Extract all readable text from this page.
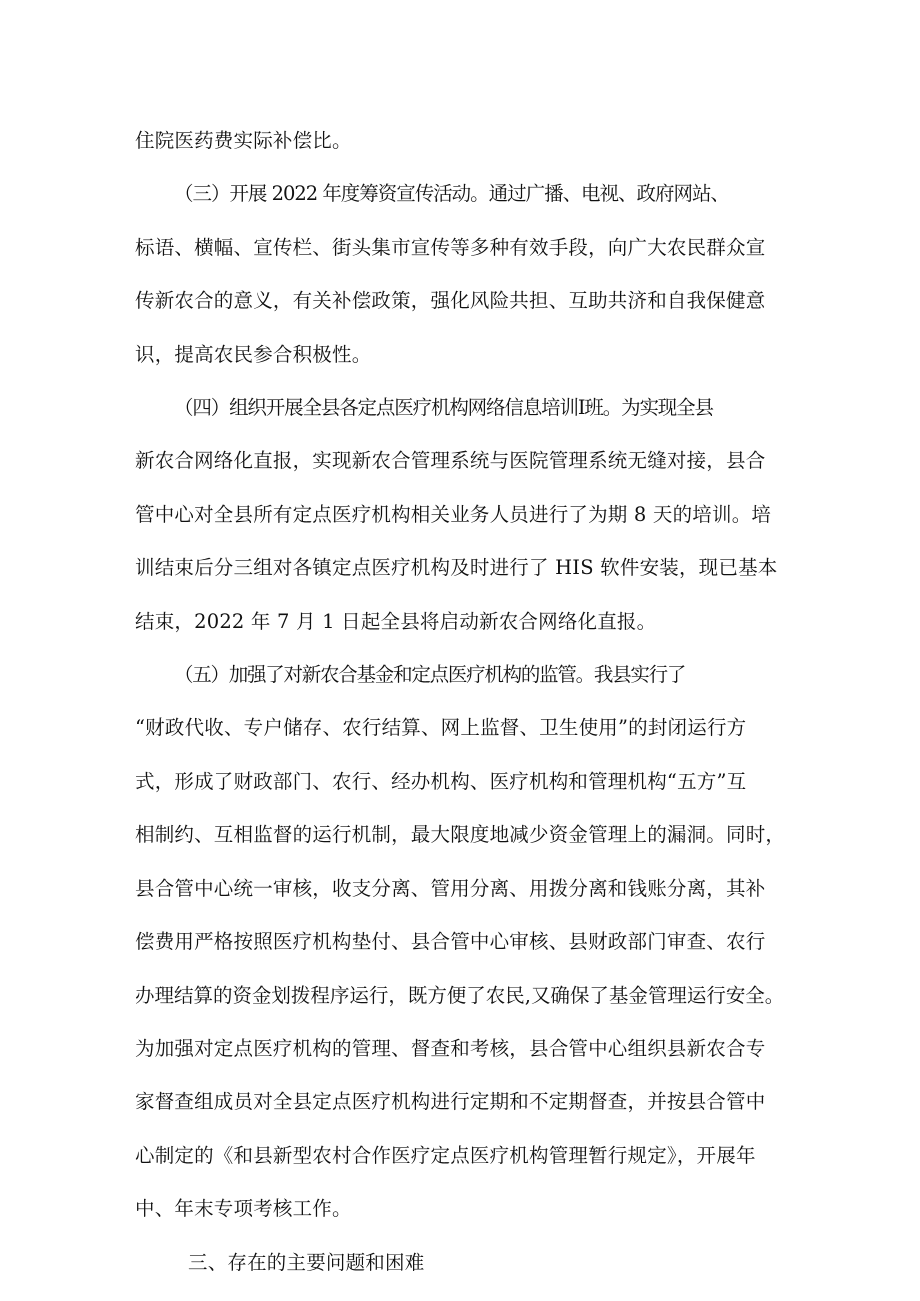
住院医药费实际补偿比。
（三）开展 2022 年度筹资宣传活动。通过广播、电视、政府网站、
标语、横幅、宣传栏、街头集市宣传等多种有效手段，向广大农民群众宣
传新农合的意义，有关补偿政策，强化风险共担、互助共济和自我保健意
识，提高农民参合积极性。
（四）组织开展全县各定点医疗机构网络信息培训Ⅰ班。为实现全县
新农合网络化直报，实现新农合管理系统与医院管理系统无缝对接，县合
管中心对全县所有定点医疗机构相关业务人员进行了为期 8 天的培训。培
训结束后分三组对各镇定点医疗机构及时进行了 HIS 软件安装，现已基本
结束，2022 年 7 月 1 日起全县将启动新农合网络化直报。
（五）加强了对新农合基金和定点医疗机构的监管。我县实行了
“财政代收、专户储存、农行结算、网上监督、卫生使用”的封闭运行方
式，形成了财政部门、农行、经办机构、医疗机构和管理机构“五方”互
相制约、互相监督的运行机制，最大限度地减少资金管理上的漏洞。同时，
县合管中心统一审核，收支分离、管用分离、用拨分离和钱账分离，其补
偿费用严格按照医疗机构垫付、县合管中心审核、县财政部门审查、农行
办理结算的资金划拨程序运行，既方便了农民,又确保了基金管理运行安全。
为加强对定点医疗机构的管理、督查和考核，县合管中心组织县新农合专
家督查组成员对全县定点医疗机构进行定期和不定期督查，并按县合管中
心制定的《和县新型农村合作医疗定点医疗机构管理暂行规定》，开展年
中、年末专项考核工作。
三、存在的主要问题和困难
